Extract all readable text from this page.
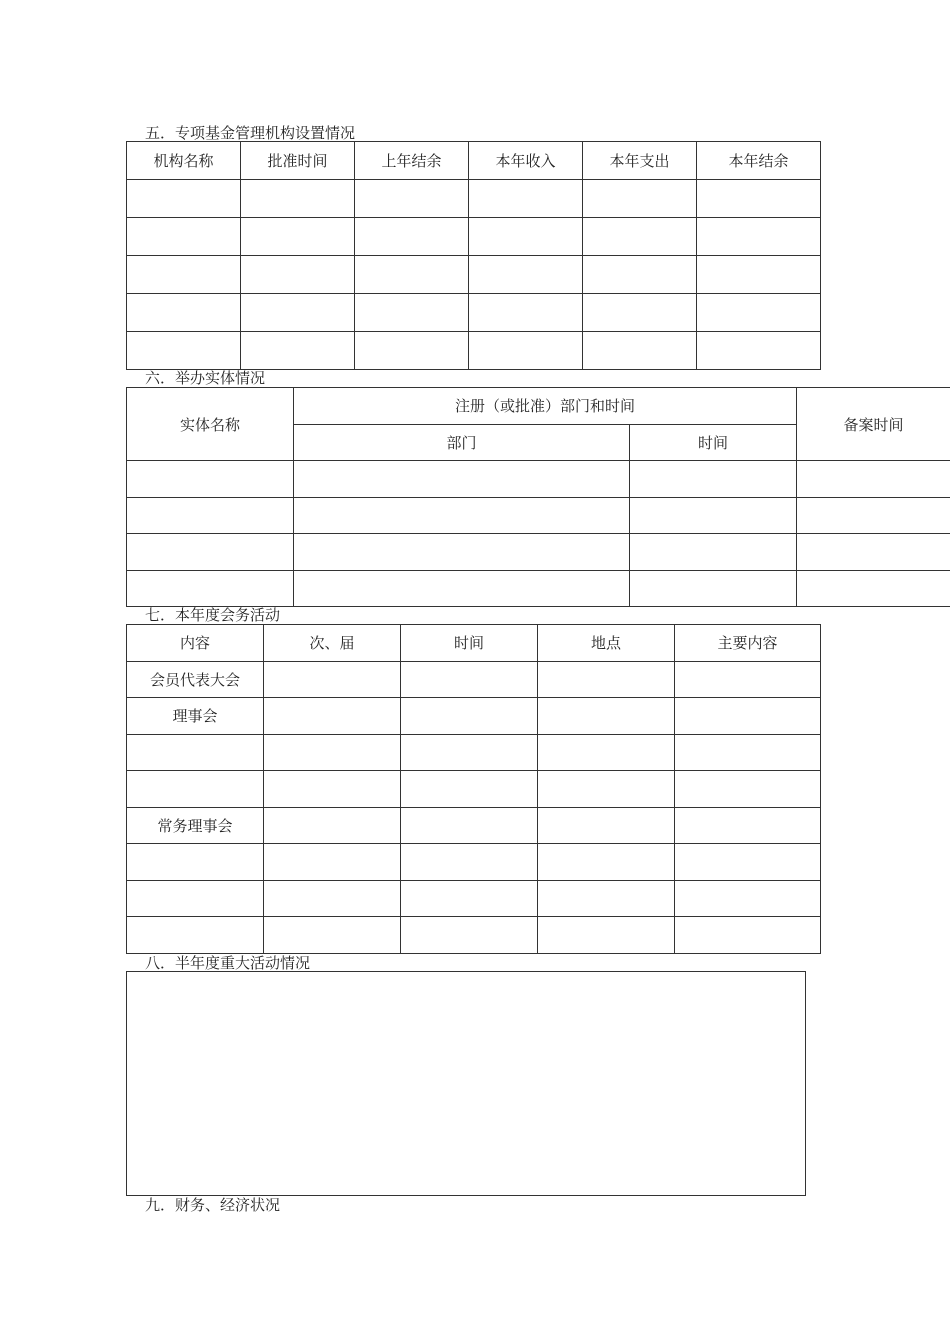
五．专项基金管理机构设置情况
机构名称	批准时间	上年结余	本年收入	本年支出	本年结余

六．举办实体情况
实体名称	注册（或批准）部门和时间		备案时间
	部门	时间	

七．本年度会务活动
内容	次、届	时间	地点	主要内容
会员代表大会				
理事会				

常务理事会				

八．半年度重大活动情况
九．财务、经济状况
